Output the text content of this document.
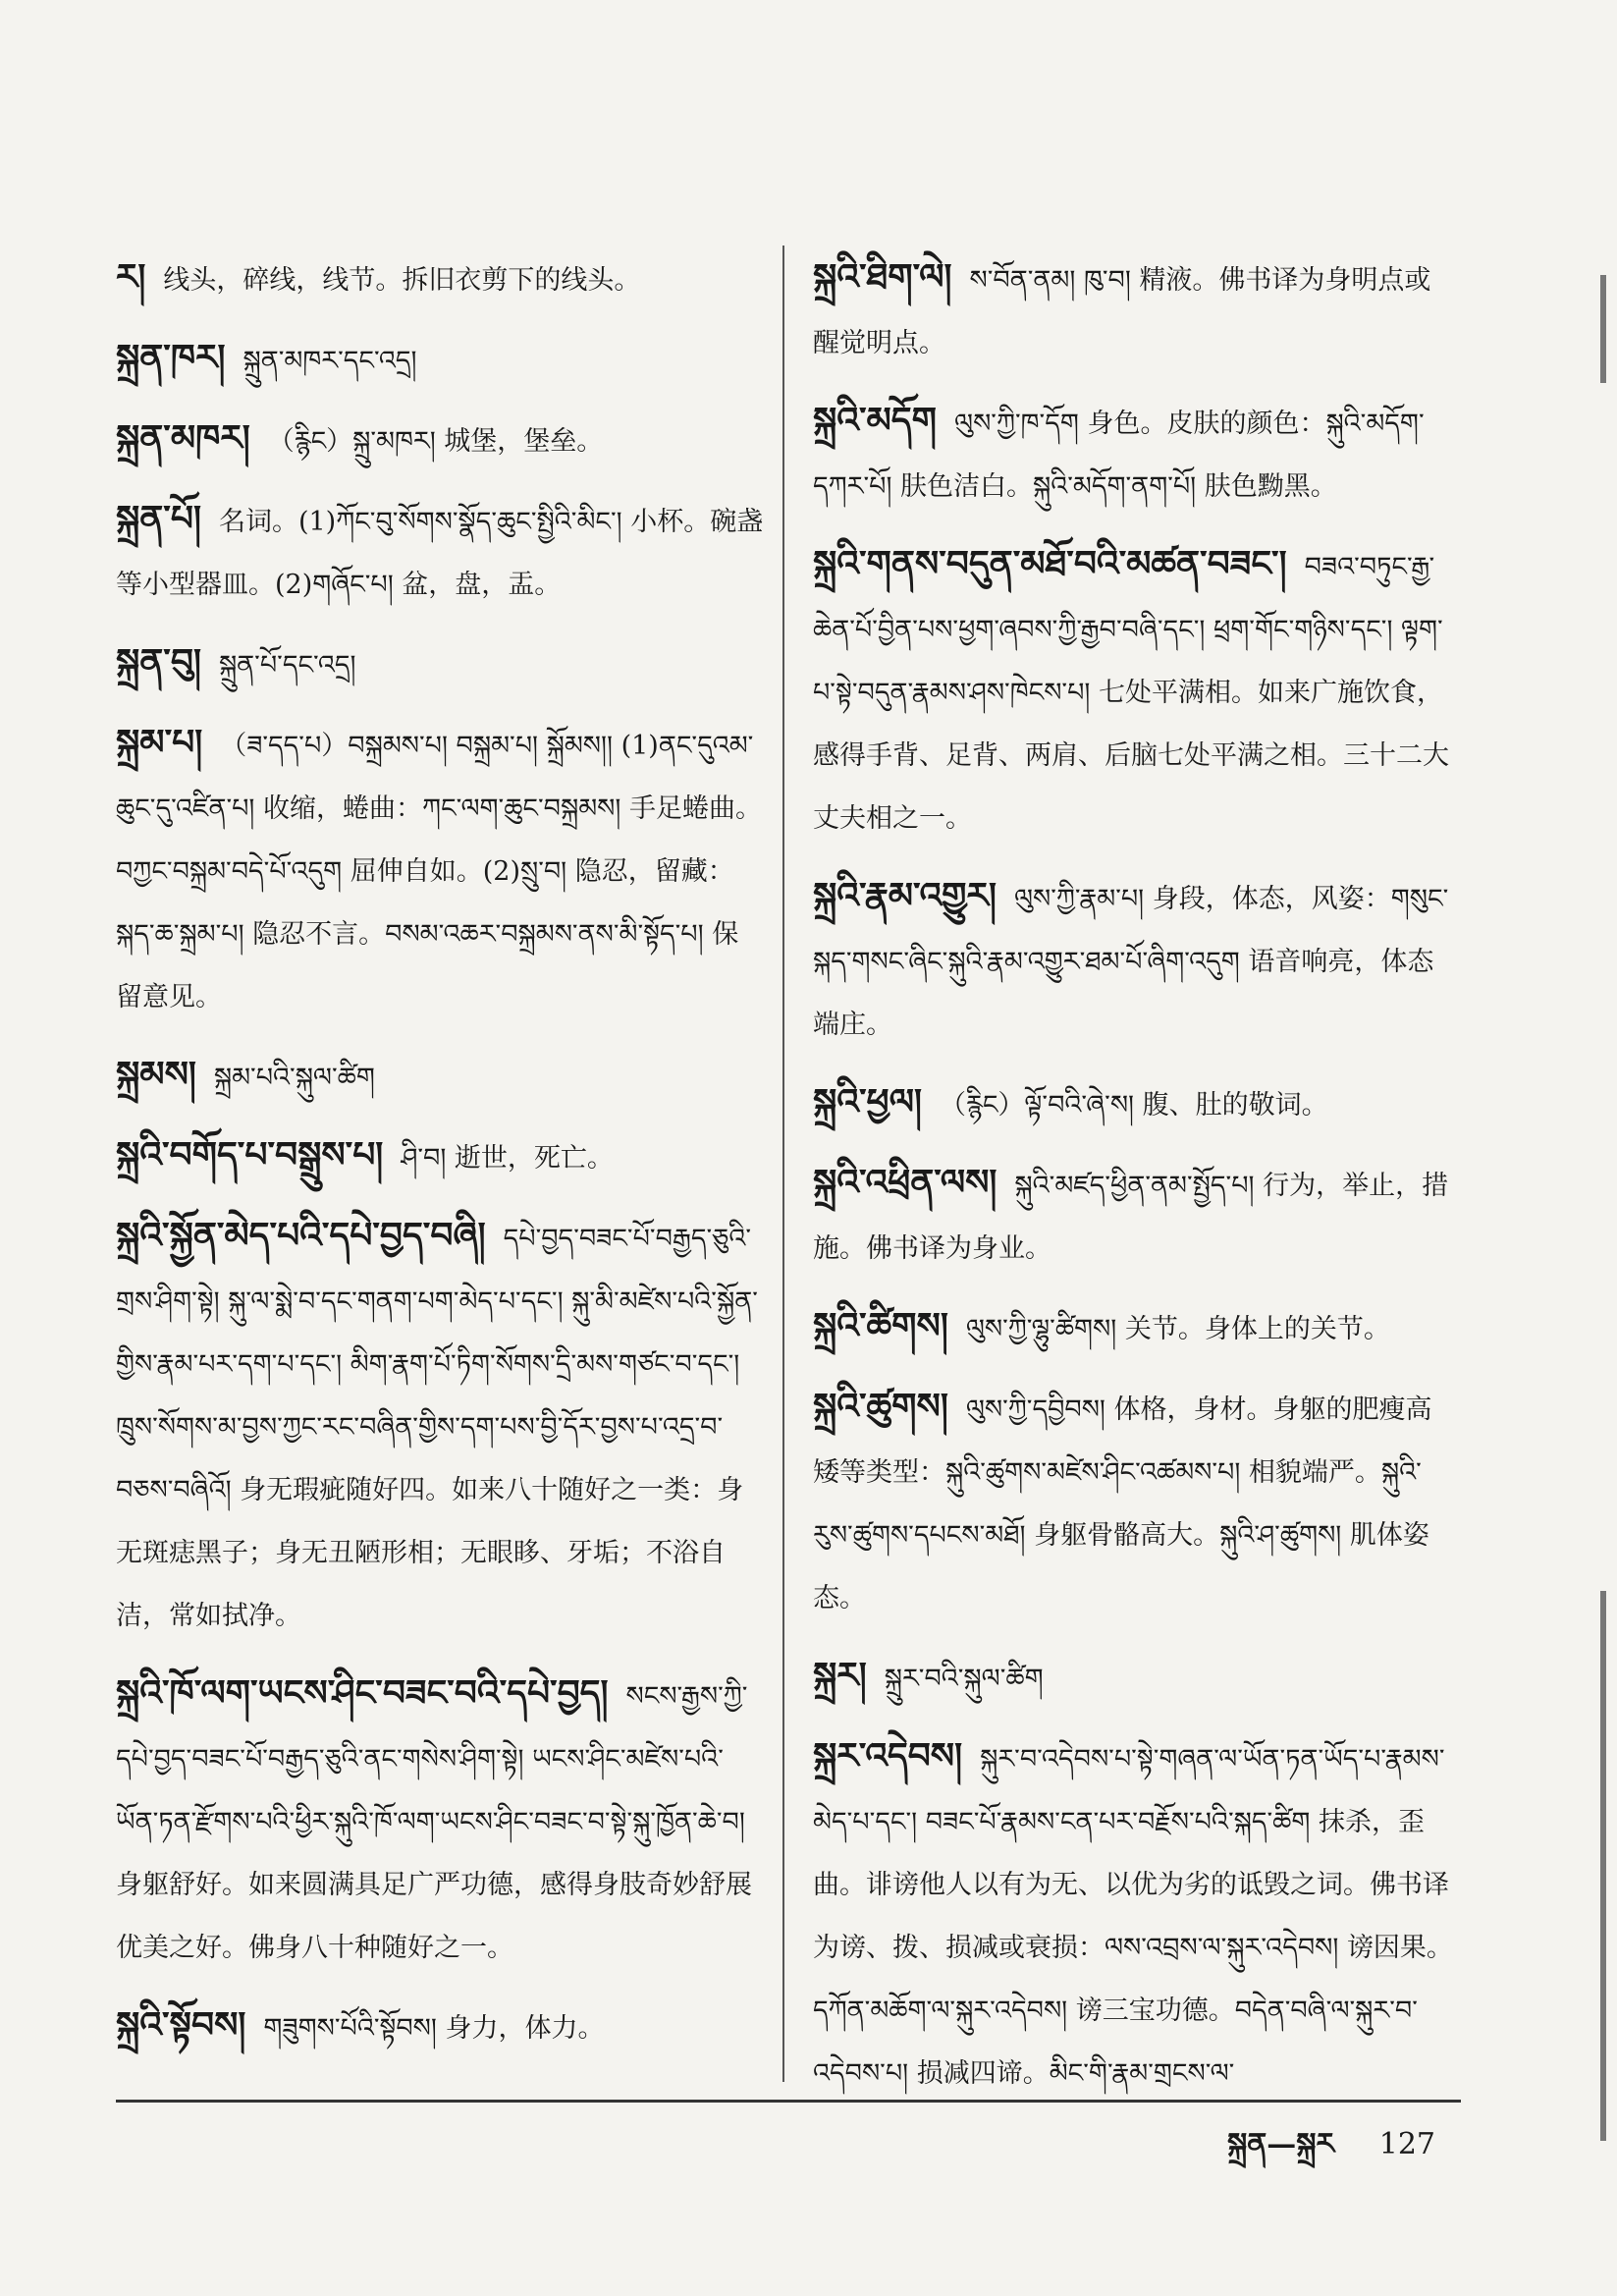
ར། 线头，碎线，线节。拆旧衣剪下的线头。
སྐྲན་ཁར། སྐྲུན་མཁར་དང་འདྲ།
སྐྲན་མཁར། （རྙིང）སྐྲུ་མཁར། 城堡，堡垒。
སྐྲན་པོ། 名词。(1)ཀོང་བུ་སོགས་སྣོད་ཆུང་སྤྱིའི་མིང་། 小杯。碗盏等小型器皿。(2)གཞོང་པ། 盆，盘，盂。
སྐྲན་བུ། སྐྲུན་པོ་དང་འདྲ།
སྐྲམ་པ། （ཟ་དད་པ）བསྐྲམས་པ། བསྐྲམ་པ། སྐྲོམས།། (1)ནང་དུའམ་ཆུང་དུ་འཛིན་པ། 收缩，蜷曲：ཀང་ལག་ཆུང་བསྐྲམས། 手足蜷曲。བཀྱང་བསྐྲམ་བདེ་པོ་འདུག 屈伸自如。(2)སྲུ་བ། 隐忍，留藏：སྐད་ཆ་སྐྲམ་པ། 隐忍不言。བསམ་འཆར་བསྐྲམས་ནས་མི་སྟོད་པ། 保留意见。
སྐྲམས། སྐྲམ་པའི་སྐུལ་ཚིག
སྐྲའི་བགོད་པ་བསྒྲུས་པ། ཤི་བ། 逝世，死亡。
སྐྲའི་སྐྱོན་མེད་པའི་དཔེ་བྱད་བཞི། དཔེ་བྱད་བཟང་པོ་བརྒྱད་ཅུའི་གྲས་ཤིག་སྟེ། སྐུ་ལ་སྨེ་བ་དང་གནག་པག་མེད་པ་དང་། སྐུ་མི་མཛེས་པའི་སྐྱོན་གྱིས་རྣམ་པར་དག་པ་དང་། མིག་རྣག་པོ་ཏིག་སོགས་དྲི་མས་གཙང་བ་དང་། ཁྲུས་སོགས་མ་བྱས་ཀྱང་རང་བཞིན་གྱིས་དག་པས་བྱི་དོར་བྱས་པ་འདྲ་བ་བཅས་བཞིའོ། 身无瑕疵随好四。如来八十随好之一类：身无斑痣黑子；身无丑陋形相；无眼眵、牙垢；不浴自洁，常如拭净。
སྐྲའི་ཁོ་ལག་ཡངས་ཤིང་བཟང་བའི་དཔེ་བྱད། སངས་རྒྱས་ཀྱི་དཔེ་བྱད་བཟང་པོ་བརྒྱད་ཅུའི་ནང་གསེས་ཤིག་སྟེ། ཡངས་ཤིང་མཛེས་པའི་ཡོན་ཏན་རྫོགས་པའི་ཕྱིར་སྐུའི་ཁོ་ལག་ཡངས་ཤིང་བཟང་བ་སྟེ་སྐུ་ཁྱོན་ཆེ་བ། 身躯舒好。如来圆满具足广严功德，感得身肢奇妙舒展优美之好。佛身八十种随好之一。
སྐྲའི་སྟོབས། གཟུགས་པོའི་སྟོབས། 身力，体力。
སྐྲའི་ཐིག་ལེ། ས་བོན་ནམ། ཁུ་བ། 精液。佛书译为身明点或醒觉明点。
སྐྲའི་མདོག ལུས་ཀྱི་ཁ་དོག 身色。皮肤的颜色：སྐུའི་མདོག་དཀར་པོ། 肤色洁白。སྐུའི་མདོག་ནག་པོ། 肤色黝黑。
སྐྲའི་གནས་བདུན་མཐོ་བའི་མཚན་བཟང་། བཟའ་བཏུང་རྒྱ་ཆེན་པོ་བྱིན་པས་ཕྱག་ཞབས་ཀྱི་རྒྱབ་བཞི་དང་། ཕྲག་གོང་གཉིས་དང་། ལྟག་པ་སྟེ་བདུན་རྣམས་ཤས་ཁེངས་པ། 七处平满相。如来广施饮食，感得手背、足背、两肩、后脑七处平满之相。三十二大丈夫相之一。
སྐྲའི་རྣམ་འགྱུར། ལུས་ཀྱི་རྣམ་པ། 身段，体态，风姿：གསུང་སྐད་གསང་ཞིང་སྐུའི་རྣམ་འགྱུར་ཐམ་པོ་ཞིག་འདུག 语音响亮，体态端庄。
སྐྲའི་ཕྱལ། （རྙིང）ལྟོ་བའི་ཞེ་ས། 腹、肚的敬词。
སྐྲའི་འཕྲིན་ལས། སྐུའི་མཛད་ཕྱིན་ནམ་སྤྱོད་པ། 行为，举止，措施。佛书译为身业。
སྐྲའི་ཚིགས། ལུས་ཀྱི་ལྷུ་ཚིགས། 关节。身体上的关节。
སྐྲའི་ཚུགས། ལུས་ཀྱི་དབྱིབས། 体格，身材。身躯的肥瘦高矮等类型：སྐུའི་ཚུགས་མཛེས་ཤིང་འཚམས་པ། 相貌端严。སྐུའི་རུས་ཚུགས་དཔངས་མཐོ། 身躯骨骼高大。སྐུའི་ཤ་ཚུགས། 肌体姿态。
སྐྲར། སྐྲུར་བའི་སྐུལ་ཚིག
སྐྲར་འདེབས། སྐུར་བ་འདེབས་པ་སྟེ་གཞན་ལ་ཡོན་ཏན་ཡོད་པ་རྣམས་མེད་པ་དང་། བཟང་པོ་རྣམས་ངན་པར་བརྗོས་པའི་སྐད་ཚིག 抹杀，歪曲。诽谤他人以有为无、以优为劣的诋毁之词。佛书译为谤、拨、损减或衰损：ལས་འབྲས་ལ་སྐུར་འདེབས། 谤因果。དཀོན་མཆོག་ལ་སྐུར་འདེབས། 谤三宝功德。བདེན་བཞི་ལ་སྐུར་བ་འདེབས་པ། 损减四谛。མིང་གི་རྣམ་གྲངས་ལ་
སྐྲན—སྐྲར 127
